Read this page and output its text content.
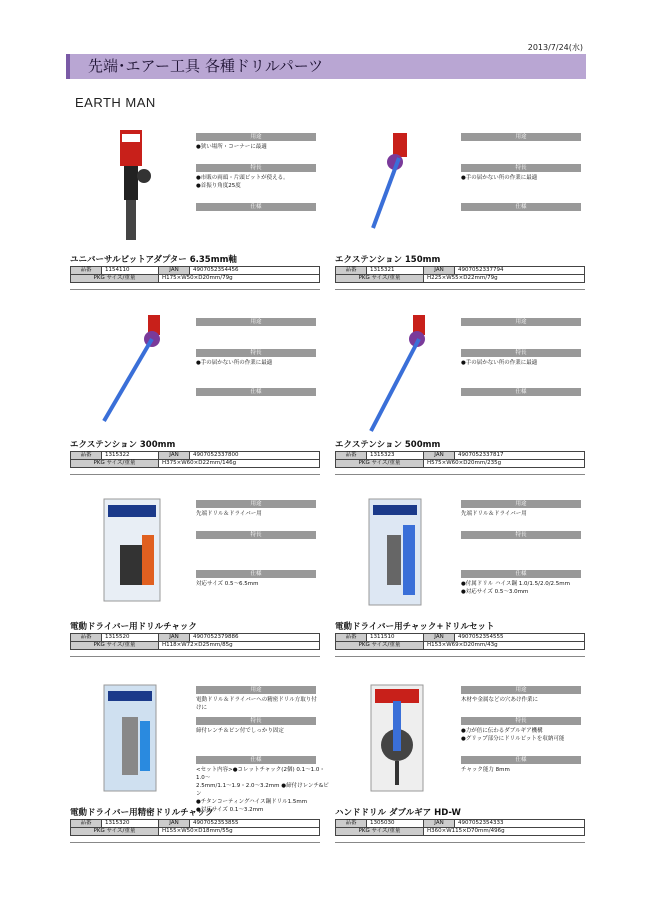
2013/7/24(水)
先端･エアー工具 各種ドリルパーツ
EARTH MAN
用途
●狭い場所・コーナーに最適
特長
●市販の両頭・片頭ビットが使える。
●首振り角度25度
仕様
ユニバーサルビットアダプター 6.35mm軸
品番	1154110	JAN	4907052354456
PKG サイズ/重量		H175×W50×D20mm/79g	
用途
特長
●手の届かない所の作業に最適
仕様
エクステンション 150mm
品番	1315321	JAN	4907052337794
PKG サイズ/重量		H225×W55×D22mm/79g	
用途
特長
●手の届かない所の作業に最適
仕様
エクステンション 300mm
品番	1315322	JAN	4907052337800
PKG サイズ/重量		H375×W60×D22mm/146g	
用途
特長
●手の届かない所の作業に最適
仕様
エクステンション 500mm
品番	1315323	JAN	4907052337817
PKG サイズ/重量		H575×W60×D20mm/235g	
用途
先端ドリル＆ドライバー用
特長
仕様
対応サイズ 0.5～6.5mm
電動ドライバー用ドリルチャック
品番	1315520	JAN	4907052379886
PKG サイズ/重量		H118×W72×D25mm/85g	
用途
先端ドリル＆ドライバー用
特長
仕様
●付属ドリル ハイス鋼 1.0/1.5/2.0/2.5mm
●対応サイズ 0.5～3.0mm
電動ドライバー用チャック+ドリルセット
品番	1311510	JAN	4907052354555
PKG サイズ/重量		H153×W69×D20mm/43g	
用途
電動ドリル＆ドライバーへの精密ドリル方取り付けに
特長
締付レンチ＆ピン付でしっかり固定
仕様
<セット内容>●コレットチャック(2個) 0.1～1.0・1.0～
2.5mm/1.1～1.9・2.0～3.2mm ●締付けレンチ&ピン
●チタンコーティングハイス鋼ドリル1.5mm
●対応サイズ 0.1～3.2mm
電動ドライバー用精密ドリルチャック
品番	1315320	JAN	4907052353855
PKG サイズ/重量		H155×W50×D18mm/55g	
用途
木材や金属などの穴あけ作業に
特長
●力が倍に伝わるダブルギア機構
●グリップ部分にドリルビットを収納可能
仕様
チャック能力 8mm
ハンドドリル ダブルギア HD-W
品番	1305030	JAN	4907052354333
PKG サイズ/重量		H360×W115×D70mm/496g	
